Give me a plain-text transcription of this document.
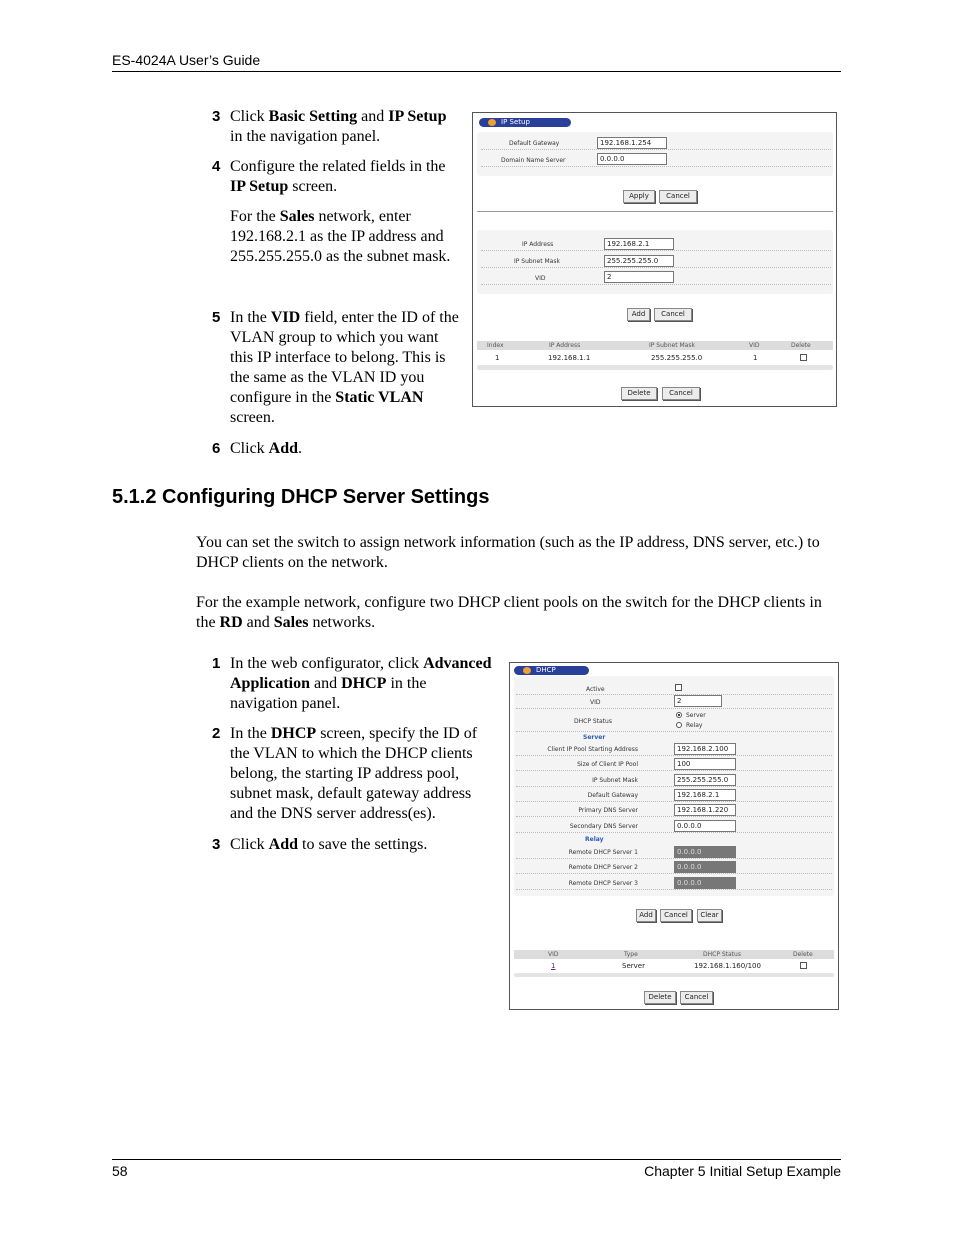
ES-4024A User’s Guide
3 Click Basic Setting and IP Setup in the navigation panel.
4 Configure the related fields in the IP Setup screen.
For the Sales network, enter 192.168.2.1 as the IP address and 255.255.255.0 as the subnet mask.
5 In the VID field, enter the ID of the VLAN group to which you want this IP interface to belong. This is the same as the VLAN ID you configure in the Static VLAN screen.
6 Click Add.
IP Setup
Default Gateway	192.168.1.254
Domain Name Server	0.0.0.0
Apply	Cancel
IP Address	192.168.2.1
IP Subnet Mask	255.255.255.0
VID	2
Add	Cancel
Index	IP Address	IP Subnet Mask	VID	Delete
1	192.168.1.1	255.255.255.0	1
Delete	Cancel
5.1.2 Configuring DHCP Server Settings
You can set the switch to assign network information (such as the IP address, DNS server, etc.) to DHCP clients on the network.
For the example network, configure two DHCP client pools on the switch for the DHCP clients in the RD and Sales networks.
1 In the web configurator, click Advanced Application and DHCP in the navigation panel.
2 In the DHCP screen, specify the ID of the VLAN to which the DHCP clients belong, the starting IP address pool, subnet mask, default gateway address and the DNS server address(es).
3 Click Add to save the settings.
DHCP
Active
VID	2
DHCP Status
Server
Relay
Server
Client IP Pool Starting Address	192.168.2.100
Size of Client IP Pool	100
IP Subnet Mask	255.255.255.0
Default Gateway	192.168.2.1
Primary DNS Server	192.168.1.220
Secondary DNS Server	0.0.0.0
Relay
Remote DHCP Server 1	0.0.0.0
Remote DHCP Server 2	0.0.0.0
Remote DHCP Server 3	0.0.0.0
Add	Cancel	Clear
VID	Type	DHCP Status	Delete
1	Server	192.168.1.160/100
Delete	Cancel
58	Chapter 5 Initial Setup Example
